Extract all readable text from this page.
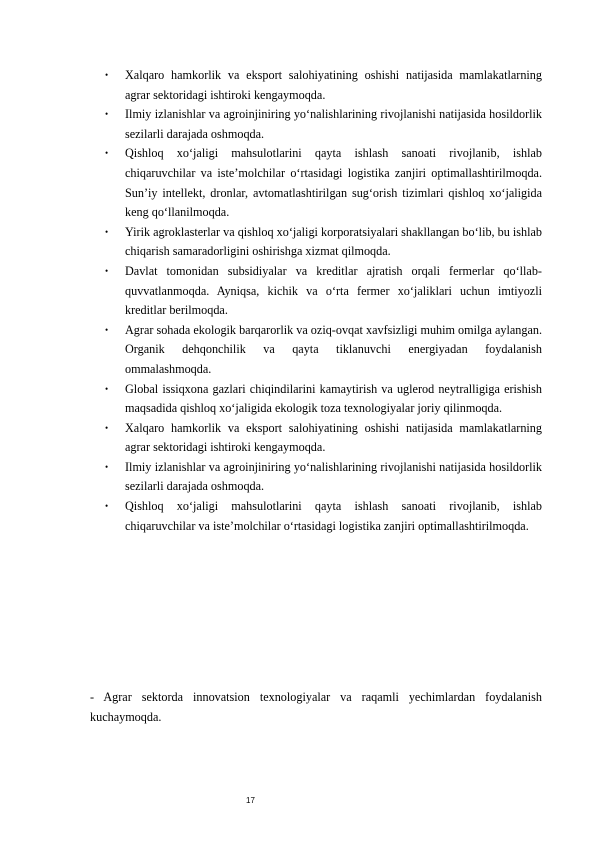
• Xalqaro hamkorlik va eksport salohiyatining oshishi natijasida mamlakatlarning agrar sektoridagi ishtiroki kengaymoqda.
• Ilmiy izlanishlar va agroinjiniring yo‘nalishlarining rivojlanishi natijasida hosildorlik sezilarli darajada oshmoqda.
• Qishloq xo‘jaligi mahsulotlarini qayta ishlash sanoati rivojlanib, ishlab chiqaruvchilar va iste’molchilar o‘rtasidagi logistika zanjiri optimallashtirilmoqda. Sun’iy intellekt, dronlar, avtomatlashtirilgan sug‘orish tizimlari qishloq xo‘jaligida keng qo‘llanilmoqda.
• Yirik agroklasterlar va qishloq xo‘jaligi korporatsiyalari shakllangan bo‘lib, bu ishlab chiqarish samaradorligini oshirishga xizmat qilmoqda.
• Davlat tomonidan subsidiyalar va kreditlar ajratish orqali fermerlar qo‘llab-quvvatlanmoqda. Ayniqsa, kichik va o‘rta fermer xo‘jaliklari uchun imtiyozli kreditlar berilmoqda.
• Agrar sohada ekologik barqarorlik va oziq-ovqat xavfsizligi muhim omilga aylangan. Organik dehqonchilik va qayta tiklanuvchi energiyadan foydalanish ommalashmoqda.
• Global issiqxona gazlari chiqindilarini kamaytirish va uglerod neytralligiga erishish maqsadida qishloq xo‘jaligida ekologik toza texnologiyalar joriy qilinmoqda.
• Xalqaro hamkorlik va eksport salohiyatining oshishi natijasida mamlakatlarning agrar sektoridagi ishtiroki kengaymoqda.
• Ilmiy izlanishlar va agroinjiniring yo‘nalishlarining rivojlanishi natijasida hosildorlik sezilarli darajada oshmoqda.
• Qishloq xo‘jaligi mahsulotlarini qayta ishlash sanoati rivojlanib, ishlab chiqaruvchilar va iste’molchilar o‘rtasidagi logistika zanjiri optimallashtirilmoqda.

- Agrar sektorda innovatsion texnologiyalar va raqamli yechimlardan foydalanish kuchaymoqda.

17
